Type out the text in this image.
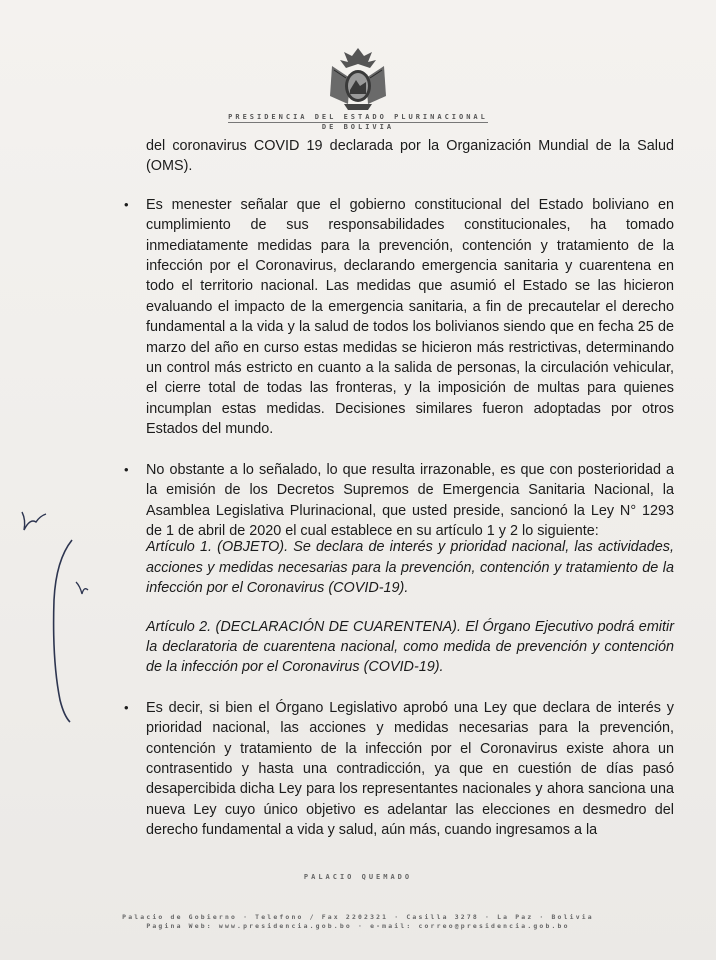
PRESIDENCIA DEL ESTADO PLURINACIONAL
DE BOLIVIA

del coronavirus COVID 19 declarada por la Organización Mundial de la Salud (OMS).

• Es menester señalar que el gobierno constitucional del Estado boliviano en cumplimiento de sus responsabilidades constitucionales, ha tomado inmediatamente medidas para la prevención, contención y tratamiento de la infección por el Coronavirus, declarando emergencia sanitaria y cuarentena en todo el territorio nacional. Las medidas que asumió el Estado se las hicieron evaluando el impacto de la emergencia sanitaria, a fin de precautelar el derecho fundamental a la vida y la salud de todos los bolivianos siendo que en fecha 25 de marzo del año en curso estas medidas se hicieron más restrictivas, determinando un control más estricto en cuanto a la salida de personas, la circulación vehicular, el cierre total de todas las fronteras, y la imposición de multas para quienes incumplan estas medidas. Decisiones similares fueron adoptadas por otros Estados del mundo.

• No obstante a lo señalado, lo que resulta irrazonable, es que con posterioridad a la emisión de los Decretos Supremos de Emergencia Sanitaria Nacional, la Asamblea Legislativa Plurinacional, que usted preside, sancionó la Ley N° 1293 de 1 de abril de 2020 el cual establece en su artículo 1 y 2 lo siguiente:

Artículo 1. (OBJETO). Se declara de interés y prioridad nacional, las actividades, acciones y medidas necesarias para la prevención, contención y tratamiento de la infección por el Coronavirus (COVID-19).

Artículo 2. (DECLARACIÓN DE CUARENTENA). El Órgano Ejecutivo podrá emitir la declaratoria de cuarentena nacional, como medida de prevención y contención de la infección por el Coronavirus (COVID-19).

• Es decir, si bien el Órgano Legislativo aprobó una Ley que declara de interés y prioridad nacional, las acciones y medidas necesarias para la prevención, contención y tratamiento de la infección por el Coronavirus existe ahora un contrasentido y hasta una contradicción, ya que en cuestión de días pasó desapercibida dicha Ley para los representantes nacionales y ahora sanciona una nueva Ley cuyo único objetivo es adelantar las elecciones en desmedro del derecho fundamental a vida y salud, aún más, cuando ingresamos a la

PALACIO QUEMADO
Palacio de Gobierno · Telefono / Fax 2202321 · Casilla 3278 · La Paz · Bolivia
Pagina Web: www.presidencia.gob.bo · e-mail: correo@presidencia.gob.bo
